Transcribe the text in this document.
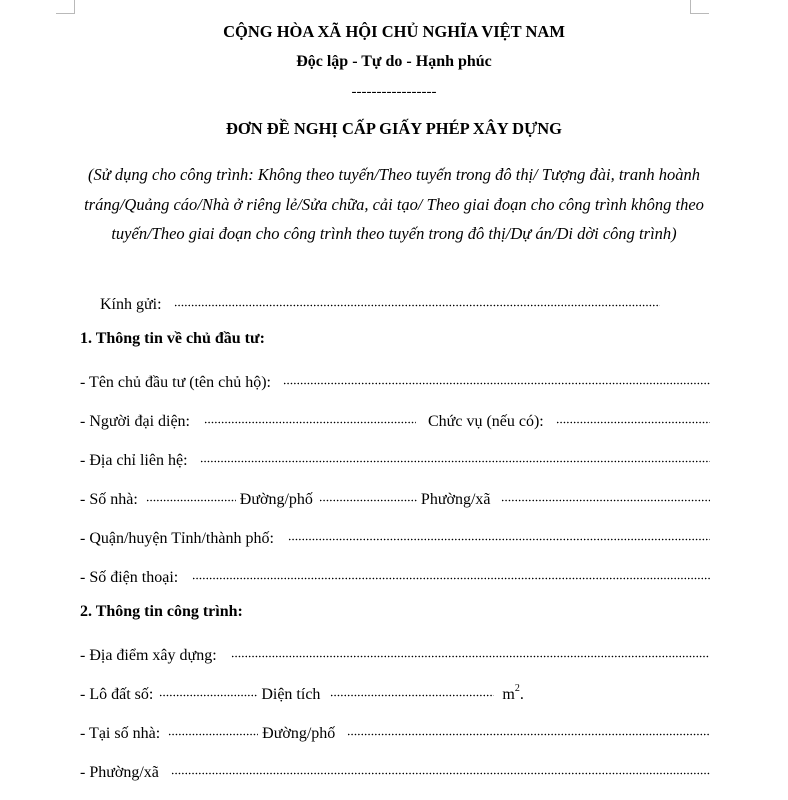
CỘNG HÒA XÃ HỘI CHỦ NGHĨA VIỆT NAM
Độc lập - Tự do - Hạnh phúc
-----------------
ĐƠN ĐỀ NGHỊ CẤP GIẤY PHÉP XÂY DỰNG
(Sử dụng cho công trình: Không theo tuyến/Theo tuyến trong đô thị/ Tượng đài, tranh hoành tráng/Quảng cáo/Nhà ở riêng lẻ/Sửa chữa, cải tạo/ Theo giai đoạn cho công trình không theo tuyến/Theo giai đoạn cho công trình theo tuyến trong đô thị/Dự án/Di dời công trình)
Kính gửi:
1. Thông tin về chủ đầu tư:
- Tên chủ đầu tư (tên chủ hộ):
- Người đại diện:	Chức vụ (nếu có):
- Địa chỉ liên hệ:
- Số nhà:	Đường/phố	Phường/xã
- Quận/huyện Tỉnh/thành phố:
- Số điện thoại:
2. Thông tin công trình:
- Địa điểm xây dựng:
- Lô đất số:	Diện tích	$m^2$.
- Tại số nhà:	Đường/phố
- Phường/xã
